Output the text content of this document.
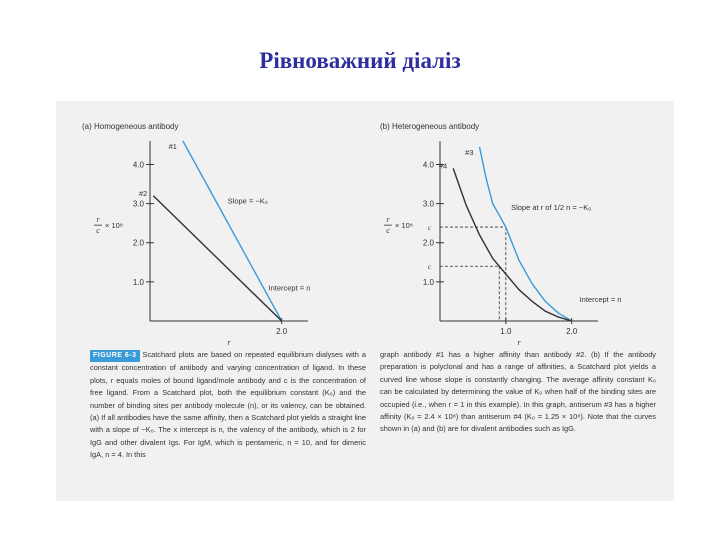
Рівноважний діаліз
(a) Homogeneous antibody
1.0
2.0
3.0
4.0
2.0
r
r
c
× 10⁸
#1
#2
Slope = −K₀
Intercept = n
(b) Heterogeneous antibody
1.0
2.0
3.0
4.0
1.0	2.0
r
r
c
× 10⁸ c
c
#3
#4
Slope at r of 1/2 n = −K₀
Intercept = n
FIGURE 6-3 Scatchard plots are based on repeated equilibrium dialyses with a constant concentration of antibody and varying concentration of ligand. In these plots, r equals moles of bound ligand/mole antibody and c is the concentration of free ligand. From a Scatchard plot, both the equilibrium constant (K₀) and the number of binding sites per antibody molecule (n), or its valency, can be obtained. (a) If all antibodies have the same affinity, then a Scatchard plot yields a straight line with a slope of −K₀. The x intercept is n, the valency of the antibody, which is 2 for IgG and other divalent Igs. For IgM, which is pentameric, n = 10, and for dimeric IgA, n = 4. In this
graph antibody #1 has a higher affinity than antibody #2. (b) If the antibody preparation is polyclonal and has a range of affinities, a Scatchard plot yields a curved line whose slope is constantly changing. The average affinity constant K₀ can be calculated by determining the value of K₀ when half of the binding sites are occupied (i.e., when r = 1 in this example). In this graph, antiserum #3 has a higher affinity (K₀ = 2.4 × 10⁸) than antiserum #4 (K₀ = 1.25 × 10⁸). Note that the curves shown in (a) and (b) are for divalent antibodies such as IgG.
